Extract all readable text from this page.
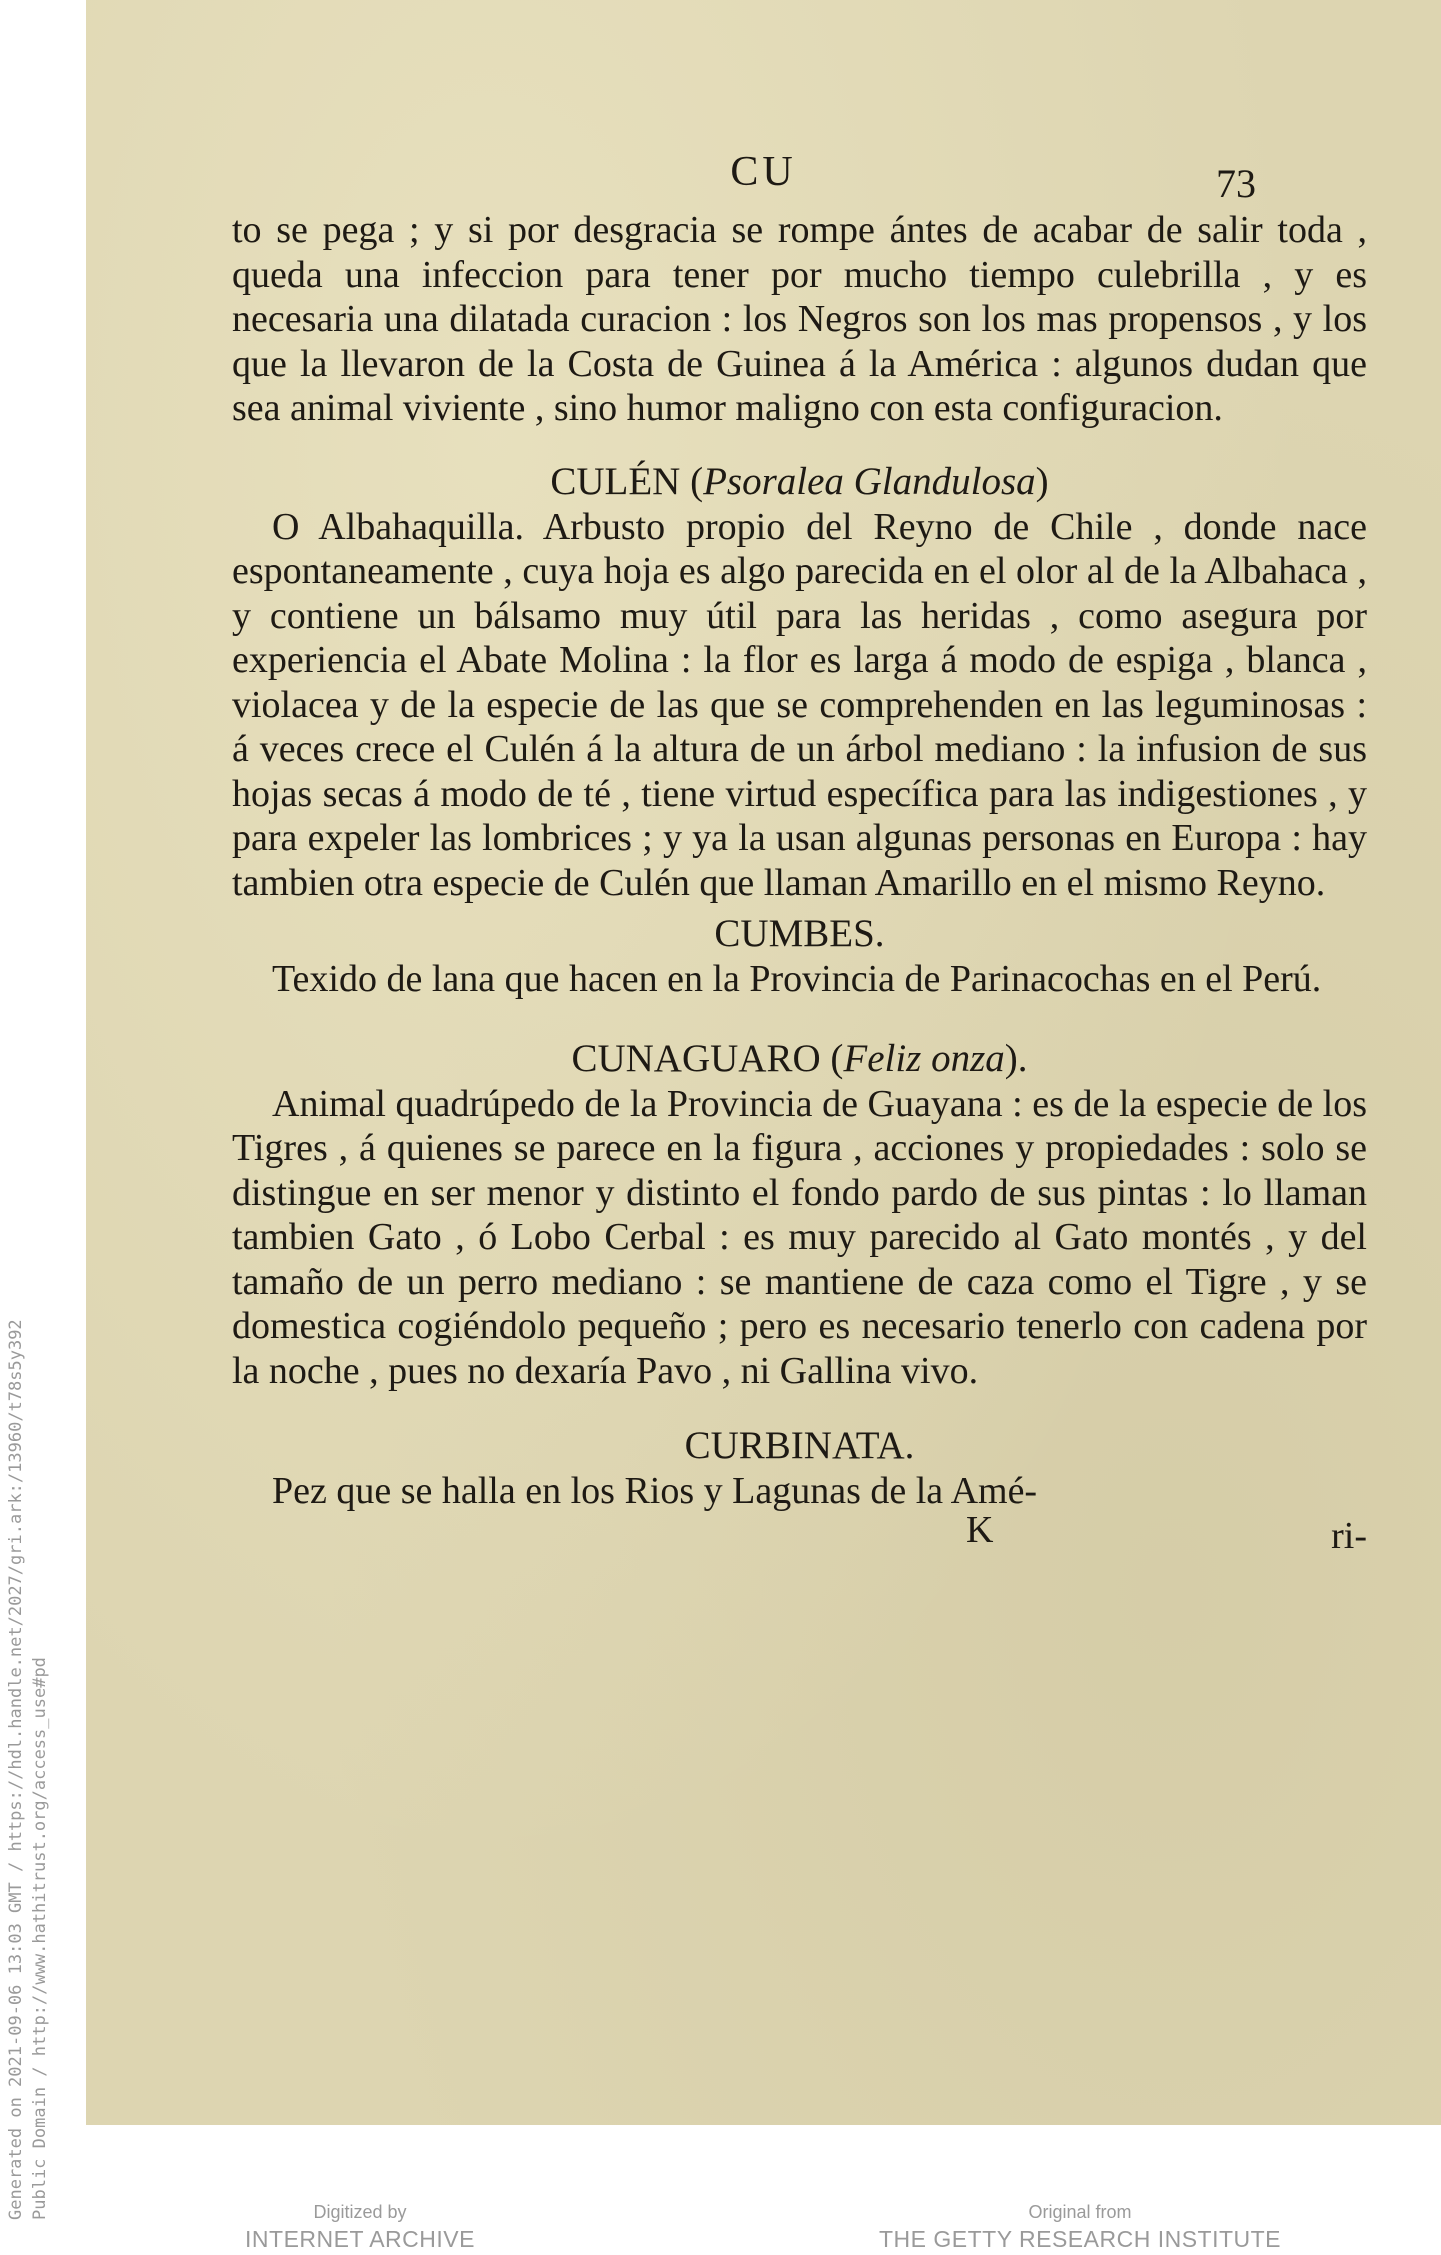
CU	73

to se pega ; y si por desgracia se rompe ántes de acabar de salir toda , queda una infeccion para tener por mucho tiempo culebrilla , y es necesaria una dilatada curacion : los Negros son los mas propensos , y los que la llevaron de la Costa de Guinea á la América : algunos dudan que sea animal viviente , sino humor maligno con esta configuracion.

CULÉN (Psoralea Glandulosa)

O Albahaquilla. Arbusto propio del Reyno de Chile , donde nace espontaneamente , cuya hoja es algo parecida en el olor al de la Albahaca , y contiene un bálsamo muy útil para las heridas , como asegura por experiencia el Abate Molina : la flor es larga á modo de espiga , blanca , violacea y de la especie de las que se comprehenden en las leguminosas : á veces crece el Culén á la altura de un árbol mediano : la infusion de sus hojas secas á modo de té , tiene virtud específica para las indigestiones , y para expeler las lombrices ; y ya la usan algunas personas en Europa : hay tambien otra especie de Culén que llaman Amarillo en el mismo Reyno.

CUMBES.

Texido de lana que hacen en la Provincia de Parinacochas en el Perú.

CUNAGUARO (Feliz onza).

Animal quadrúpedo de la Provincia de Guayana : es de la especie de los Tigres , á quienes se parece en la figura , acciones y propiedades : solo se distingue en ser menor y distinto el fondo pardo de sus pintas : lo llaman tambien Gato , ó Lobo Cerbal : es muy parecido al Gato montés , y del tamaño de un perro mediano : se mantiene de caza como el Tigre , y se domestica cogiéndolo pequeño ; pero es necesario tenerlo con cadena por la noche , pues no dexaría Pavo , ni Gallina vivo.

CURBINATA.

Pez que se halla en los Rios y Lagunas de la Amé-

K	ri-
Generated on 2021-09-06 13:03 GMT / https://hdl.handle.net/2027/gri.ark:/13960/t78s5y392 Public Domain / http://www.hathitrust.org/access_use#pd	Digitized by
INTERNET ARCHIVE
Original from
THE GETTY RESEARCH INSTITUTE
